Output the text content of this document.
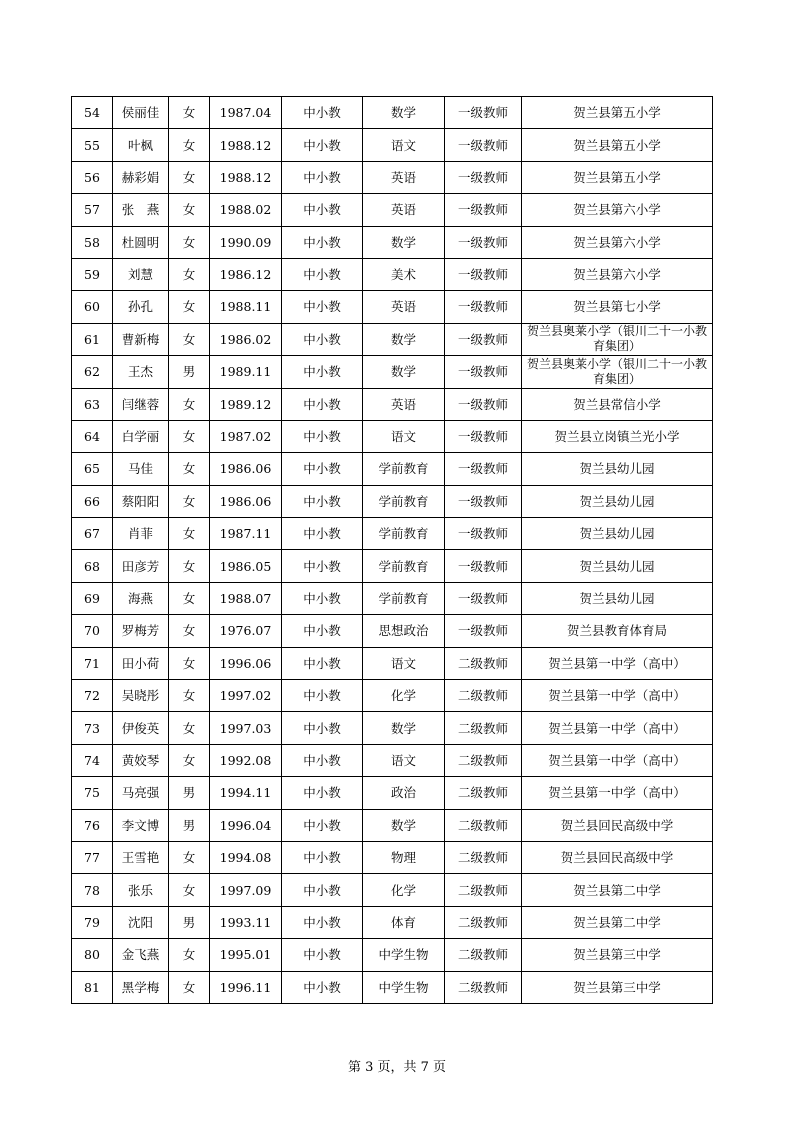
54	侯丽佳	女	1987.04	中小教	数学	一级教师	贺兰县第五小学
55	叶枫	女	1988.12	中小教	语文	一级教师	贺兰县第五小学
56	赫彩娟	女	1988.12	中小教	英语	一级教师	贺兰县第五小学
57	张　燕	女	1988.02	中小教	英语	一级教师	贺兰县第六小学
58	杜圆明	女	1990.09	中小教	数学	一级教师	贺兰县第六小学
59	刘慧	女	1986.12	中小教	美术	一级教师	贺兰县第六小学
60	孙孔	女	1988.11	中小教	英语	一级教师	贺兰县第七小学
61	曹新梅	女	1986.02	中小教	数学	一级教师	贺兰县奥莱小学（银川二十一小教育集团）
62	王杰	男	1989.11	中小教	数学	一级教师	贺兰县奥莱小学（银川二十一小教育集团）
63	闫继蓉	女	1989.12	中小教	英语	一级教师	贺兰县常信小学
64	白学丽	女	1987.02	中小教	语文	一级教师	贺兰县立岗镇兰光小学
65	马佳	女	1986.06	中小教	学前教育	一级教师	贺兰县幼儿园
66	蔡阳阳	女	1986.06	中小教	学前教育	一级教师	贺兰县幼儿园
67	肖菲	女	1987.11	中小教	学前教育	一级教师	贺兰县幼儿园
68	田彦芳	女	1986.05	中小教	学前教育	一级教师	贺兰县幼儿园
69	海燕	女	1988.07	中小教	学前教育	一级教师	贺兰县幼儿园
70	罗梅芳	女	1976.07	中小教	思想政治	一级教师	贺兰县教育体育局
71	田小荷	女	1996.06	中小教	语文	二级教师	贺兰县第一中学（高中）
72	吴晓彤	女	1997.02	中小教	化学	二级教师	贺兰县第一中学（高中）
73	伊俊英	女	1997.03	中小教	数学	二级教师	贺兰县第一中学（高中）
74	黄姣琴	女	1992.08	中小教	语文	二级教师	贺兰县第一中学（高中）
75	马亮强	男	1994.11	中小教	政治	二级教师	贺兰县第一中学（高中）
76	李文博	男	1996.04	中小教	数学	二级教师	贺兰县回民高级中学
77	王雪艳	女	1994.08	中小教	物理	二级教师	贺兰县回民高级中学
78	张乐	女	1997.09	中小教	化学	二级教师	贺兰县第二中学
79	沈阳	男	1993.11	中小教	体育	二级教师	贺兰县第二中学
80	金飞燕	女	1995.01	中小教	中学生物	二级教师	贺兰县第三中学
81	黑学梅	女	1996.11	中小教	中学生物	二级教师	贺兰县第三中学
第 3 页，共 7 页
